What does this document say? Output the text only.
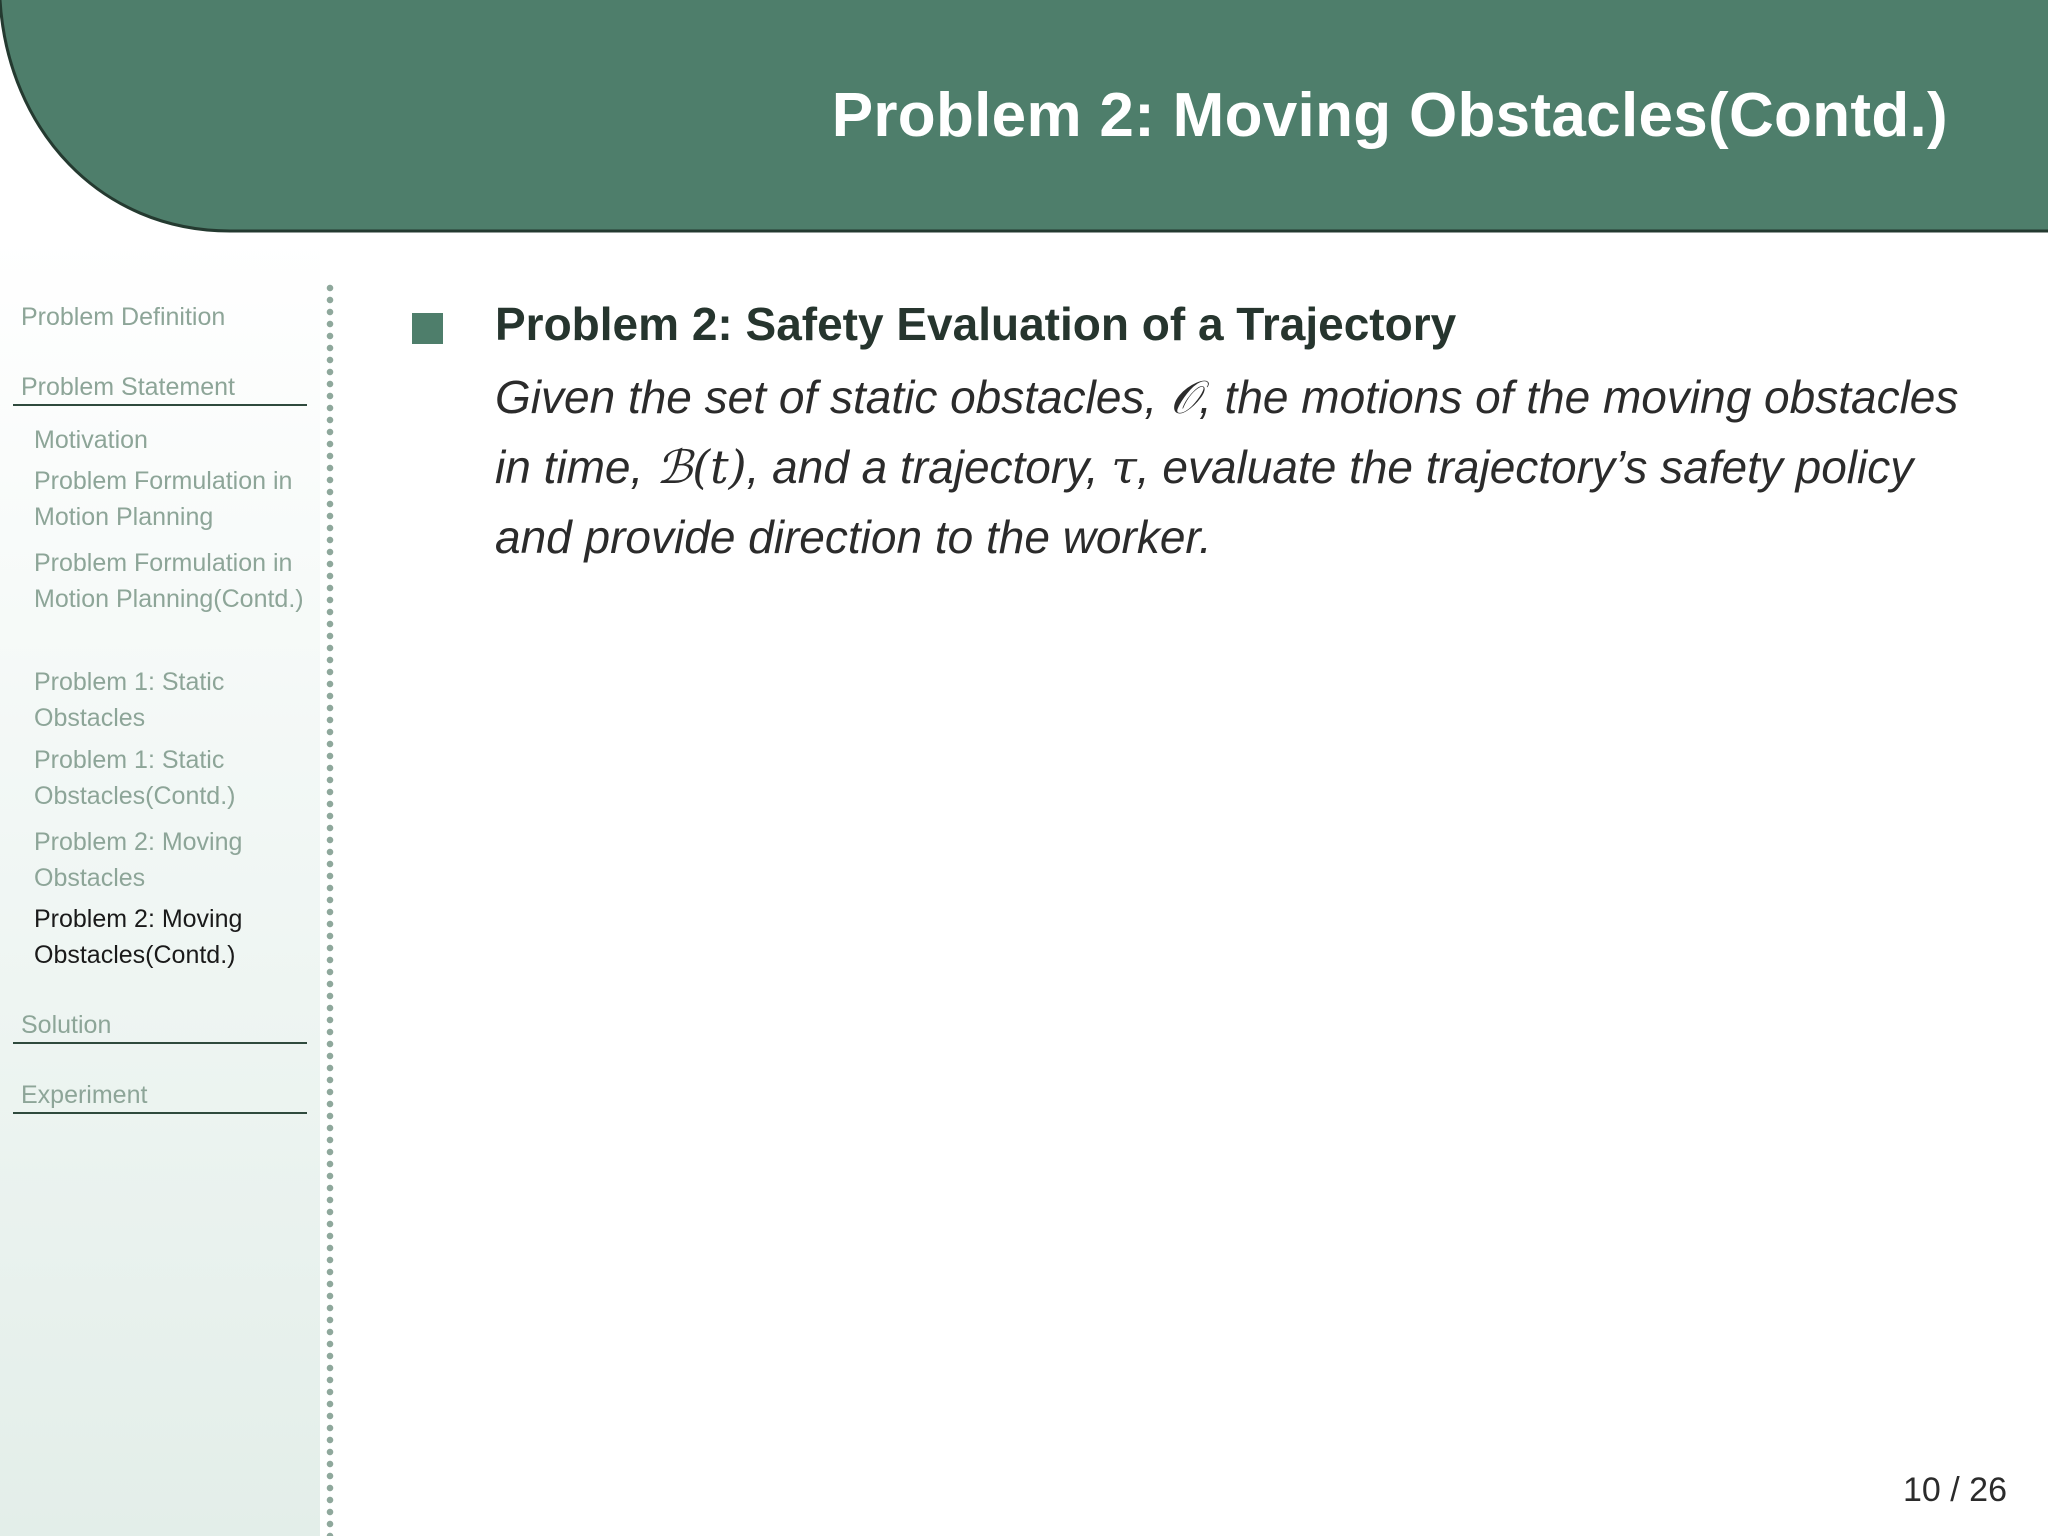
Problem 2: Moving Obstacles(Contd.)
Problem Definition
Problem Statement
Motivation
Problem Formulation in Motion Planning
Problem Formulation in Motion Planning(Contd.)
Problem 1: Static Obstacles
Problem 1: Static Obstacles(Contd.)
Problem 2: Moving Obstacles
Problem 2: Moving Obstacles(Contd.)
Solution
Experiment
Problem 2: Safety Evaluation of a Trajectory

Given the set of static obstacles, 𝒪, the motions of the moving obstacles in time, ℬ(t), and a trajectory, τ, evaluate the trajectory’s safety policy and provide direction to the worker.

10 / 26
